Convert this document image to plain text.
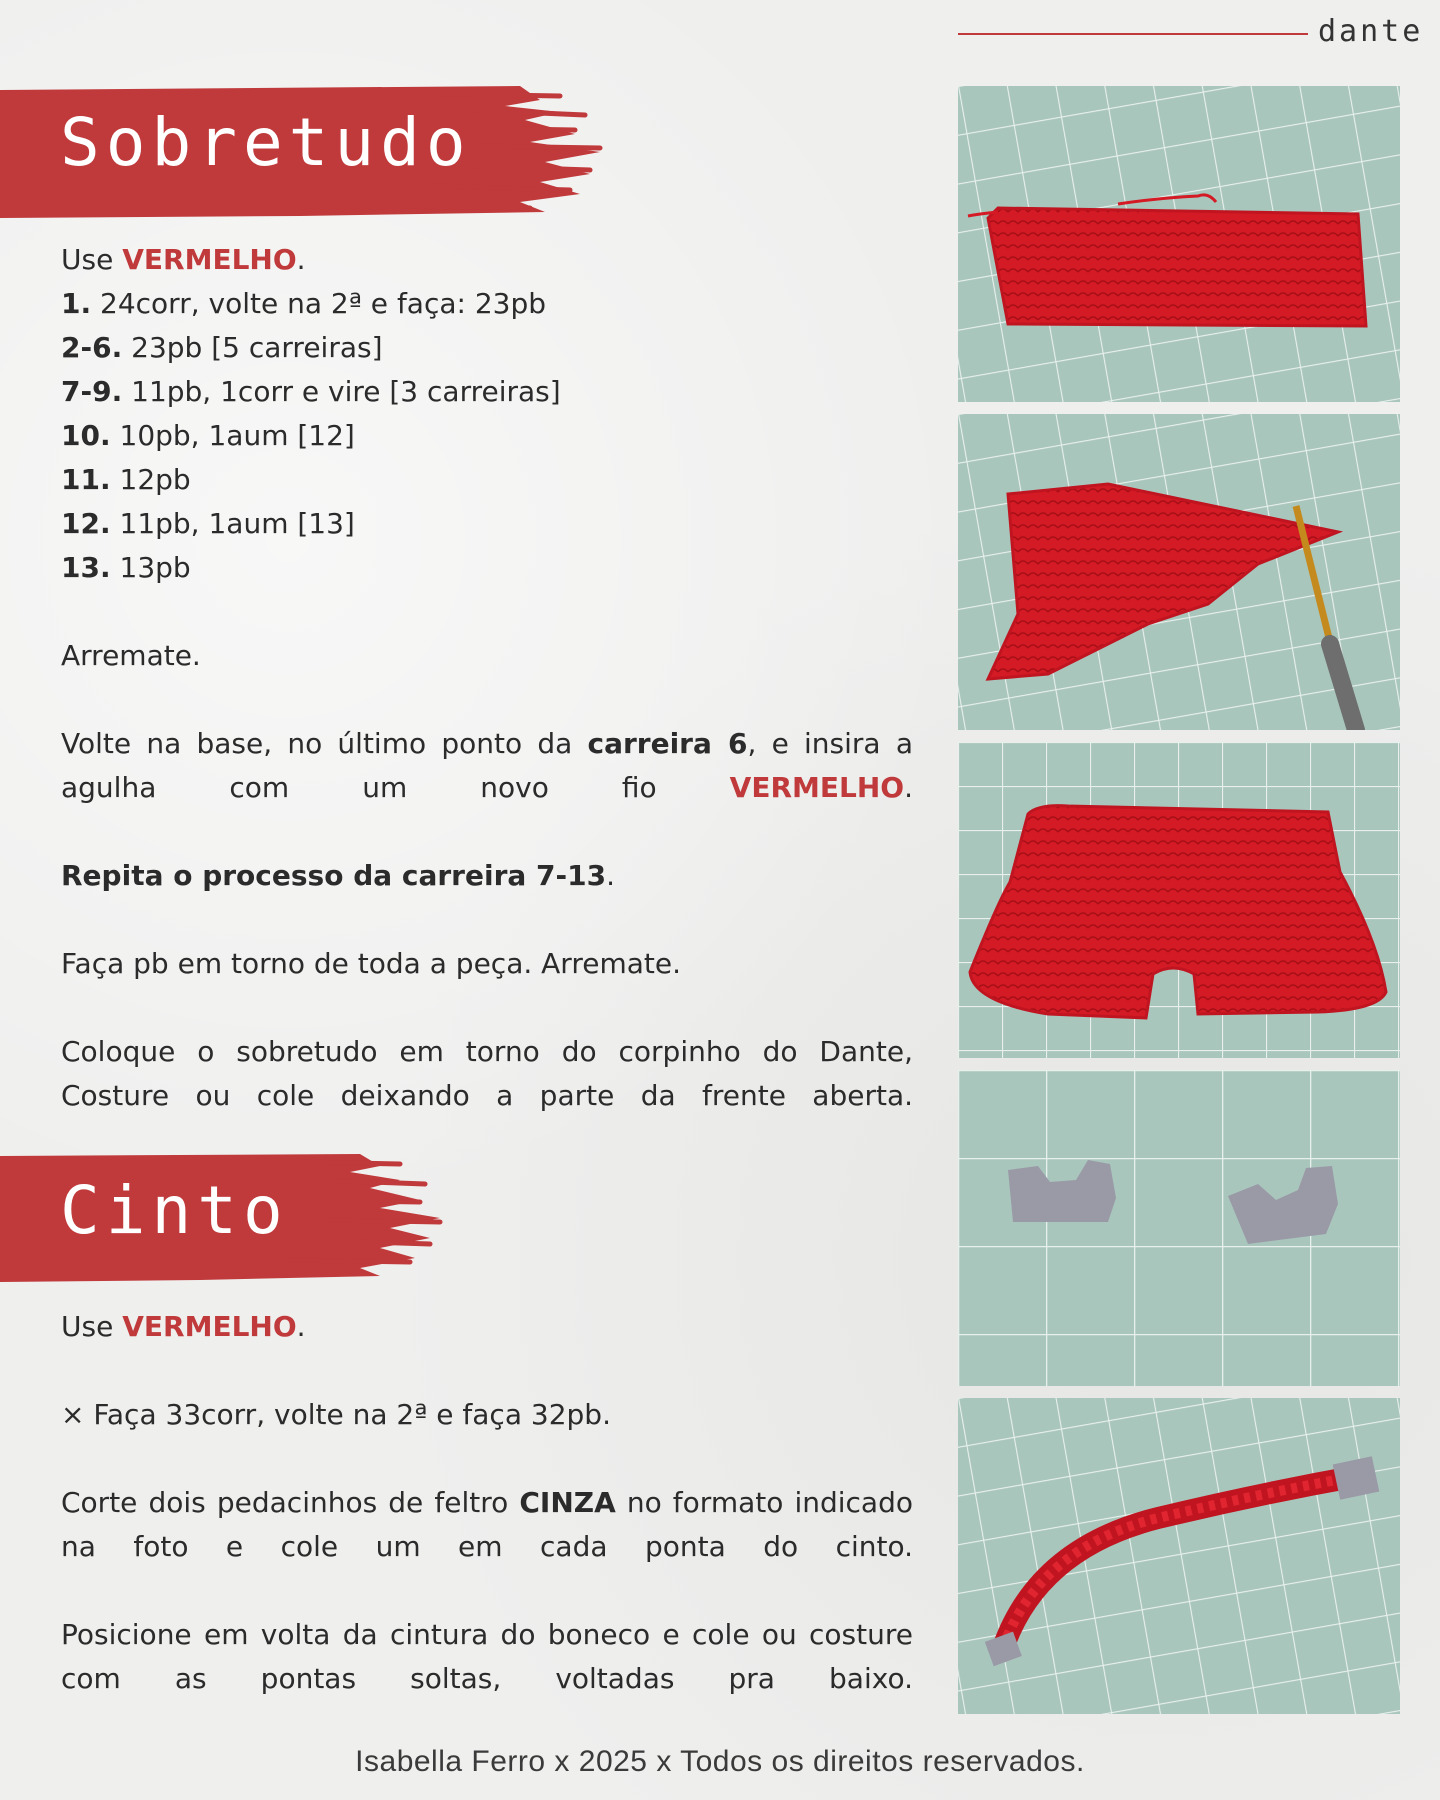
dante
Sobretudo
Use VERMELHO.
1. 24corr, volte na 2ª e faça: 23pb
2-6. 23pb [5 carreiras]
7-9. 11pb, 1corr e vire [3 carreiras]
10. 10pb, 1aum [12]
11. 12pb
12. 11pb, 1aum [13]
13. 13pb
Arremate.
Volte na base, no último ponto da carreira 6, e insira a agulha com um novo fio VERMELHO.
Repita o processo da carreira 7-13.
Faça pb em torno de toda a peça. Arremate.
Coloque o sobretudo em torno do corpinho do Dante, Costure ou cole deixando a parte da frente aberta.
Cinto
Use VERMELHO.
× Faça 33corr, volte na 2ª e faça 32pb.
Corte dois pedacinhos de feltro CINZA no formato indicado na foto e cole um em cada ponta do cinto.
Posicione em volta da cintura do boneco e cole ou costure com as pontas soltas, voltadas pra baixo.
Isabella Ferro x 2025 x Todos os direitos reservados.
